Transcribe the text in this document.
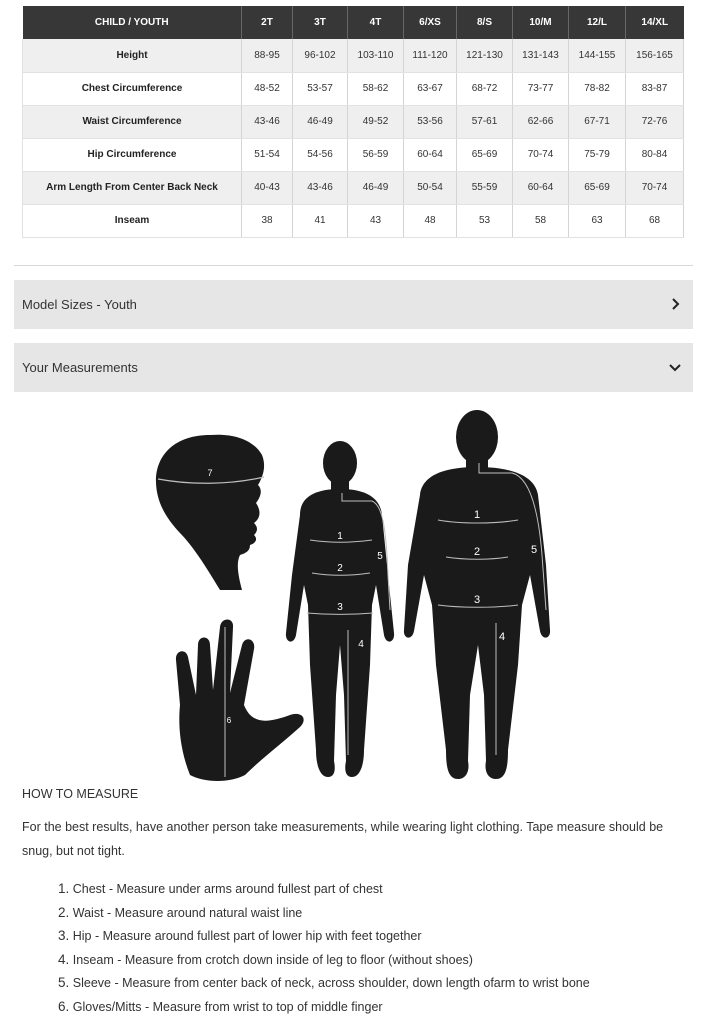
CHILD / YOUTH	2T	3T	4T	6/XS	8/S	10/M	12/L	14/XL
Height	88-95	96-102	103-110	111-120	121-130	131-143	144-155	156-165
Chest Circumference	48-52	53-57	58-62	63-67	68-72	73-77	78-82	83-87
Waist Circumference	43-46	46-49	49-52	53-56	57-61	62-66	67-71	72-76
Hip Circumference	51-54	54-56	56-59	60-64	65-69	70-74	75-79	80-84
Arm Length From Center Back Neck	40-43	43-46	46-49	50-54	55-59	60-64	65-69	70-74
Inseam	38	41	43	48	53	58	63	68
Model Sizes - Youth
Your Measurements
7
6
1
2
3
4
5
1
2
3
4
5
HOW TO MEASURE

For the best results, have another person take measurements, while wearing light clothing. Tape measure should be snug, but not tight.

1. Chest - Measure under arms around fullest part of chest
2. Waist - Measure around natural waist line
3. Hip - Measure around fullest part of lower hip with feet together
4. Inseam - Measure from crotch down inside of leg to floor (without shoes)
5. Sleeve - Measure from center back of neck, across shoulder, down length ofarm to wrist bone
6. Gloves/Mitts - Measure from wrist to top of middle finger
